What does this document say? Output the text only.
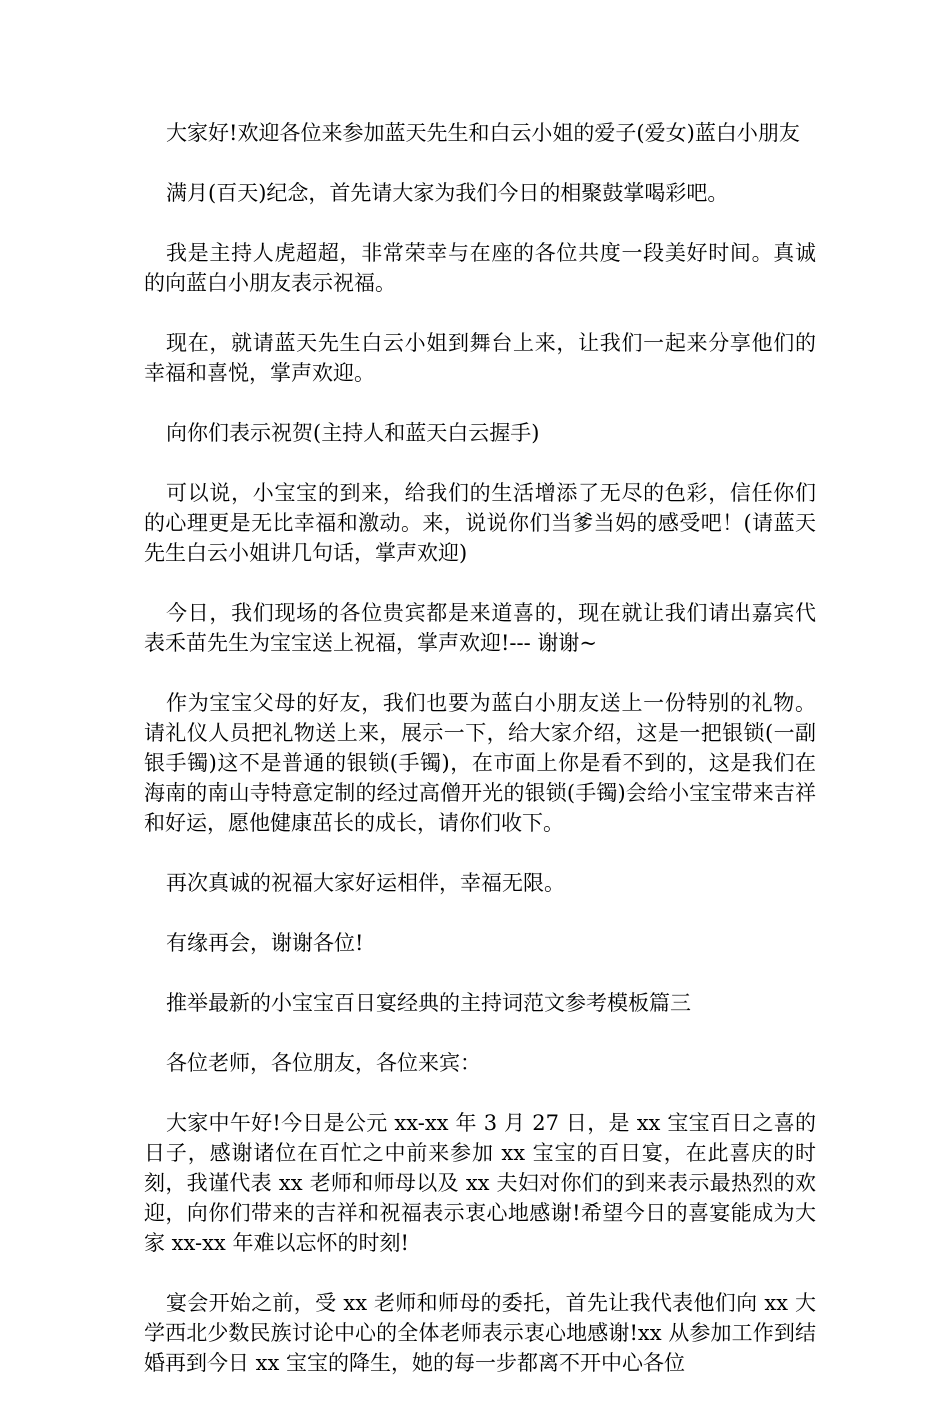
大家好!欢迎各位来参加蓝天先生和白云小姐的爱子(爱女)蓝白小朋友

满月(百天)纪念，首先请大家为我们今日的相聚鼓掌喝彩吧。

我是主持人虎超超，非常荣幸与在座的各位共度一段美好时间。真诚的向蓝白小朋友表示祝福。

现在，就请蓝天先生白云小姐到舞台上来，让我们一起来分享他们的幸福和喜悦，掌声欢迎。

向你们表示祝贺(主持人和蓝天白云握手)

可以说，小宝宝的到来，给我们的生活增添了无尽的色彩，信任你们的心理更是无比幸福和激动。来，说说你们当爹当妈的感受吧！(请蓝天先生白云小姐讲几句话，掌声欢迎)

今日，我们现场的各位贵宾都是来道喜的，现在就让我们请出嘉宾代表禾苗先生为宝宝送上祝福，掌声欢迎!--- 谢谢~

作为宝宝父母的好友，我们也要为蓝白小朋友送上一份特别的礼物。请礼仪人员把礼物送上来，展示一下，给大家介绍，这是一把银锁(一副银手镯)这不是普通的银锁(手镯)，在市面上你是看不到的，这是我们在海南的南山寺特意定制的经过高僧开光的银锁(手镯)会给小宝宝带来吉祥和好运，愿他健康茁长的成长，请你们收下。

再次真诚的祝福大家好运相伴，幸福无限。

有缘再会，谢谢各位!

推举最新的小宝宝百日宴经典的主持词范文参考模板篇三

各位老师，各位朋友，各位来宾：

大家中午好!今日是公元 xx-xx 年 3 月 27 日，是 xx 宝宝百日之喜的日子，感谢诸位在百忙之中前来参加 xx 宝宝的百日宴，在此喜庆的时刻，我谨代表 xx 老师和师母以及 xx 夫妇对你们的到来表示最热烈的欢迎，向你们带来的吉祥和祝福表示衷心地感谢!希望今日的喜宴能成为大家 xx-xx 年难以忘怀的时刻!

宴会开始之前，受 xx 老师和师母的委托，首先让我代表他们向 xx 大学西北少数民族讨论中心的全体老师表示衷心地感谢!xx 从参加工作到结婚再到今日 xx 宝宝的降生，她的每一步都离不开中心各位
